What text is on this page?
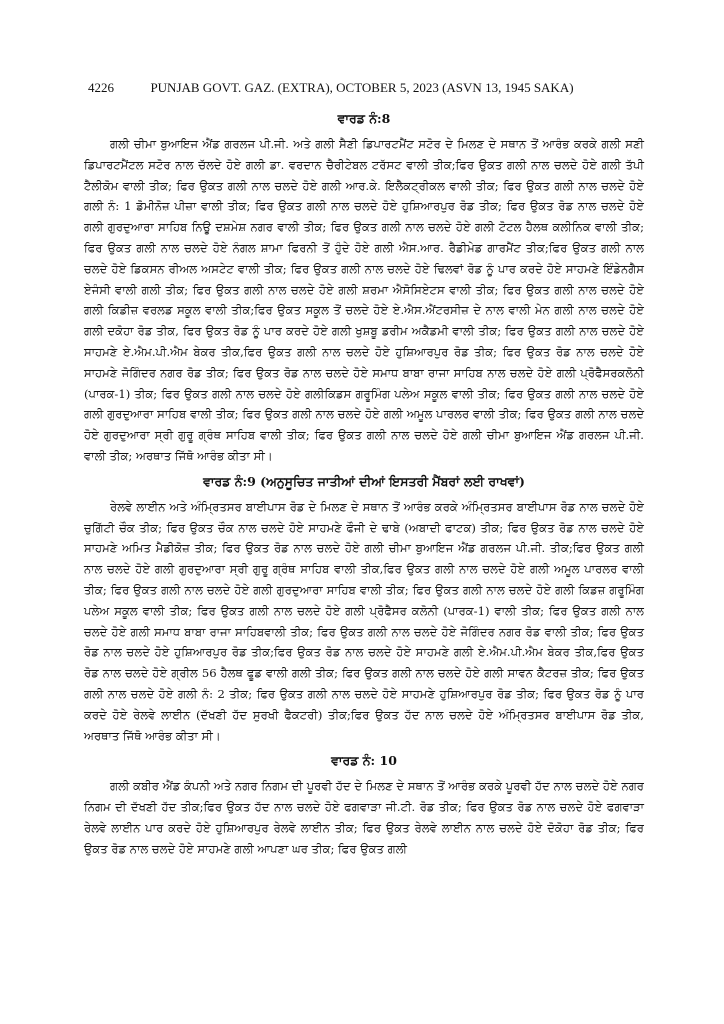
4226	PUNJAB GOVT. GAZ. (EXTRA), OCTOBER 5, 2023 (ASVN 13, 1945 SAKA)
ਵਾਰਡ ਨੰ:8

ਗਲੀ ਚੀਮਾ ਬੁਆਇਜ ਐਂਡ ਗਰਲਜ ਪੀ.ਜੀ. ਅਤੇ ਗਲੀ ਸੈਣੀ ਡਿਪਾਰਟਮੈਂਟ ਸਟੋਰ ਦੇ ਮਿਲਣ ਦੇ ਸਥਾਨ ਤੋਂ ਆਰੰਭ ਕਰਕੇ ਗਲੀ ਸਣੀ ਡਿਪਾਰਟਮੈਂਟਲ ਸਟੋਰ ਨਾਲ ਚੱਲਦੇ ਹੋਏ ਗਲੀ ਡਾ. ਵਰਦਾਨ ਚੈਰੀਟੇਬਲ ਟਰੱਸਟ ਵਾਲੀ ਤੀਕ;ਫਿਰ ਉਕਤ ਗਲੀ ਨਾਲ ਚਲਦੇ ਹੋਏ ਗਲੀ ਤੱਪੀ ਟੈਲੀਕੋਮ ਵਾਲੀ ਤੀਕ; ਫਿਰ ਉਕਤ ਗਲੀ ਨਾਲ ਚਲਦੇ ਹੋਏ ਗਲੀ ਆਰ.ਕੇ. ਇਲੈਕਟ੍ਰੀਕਲ ਵਾਲੀ ਤੀਕ; ਫਿਰ ਉਕਤ ਗਲੀ ਨਾਲ ਚਲਦੇ ਹੋਏ ਗਲੀ ਨੰ: 1 ਡੋਮੀਨੋਜ਼ ਪੀਜ਼ਾ ਵਾਲੀ ਤੀਕ; ਫਿਰ ਉਕਤ ਗਲੀ ਨਾਲ ਚਲਦੇ ਹੋਏ ਹੁਸ਼ਿਆਰਪੁਰ ਰੋਡ ਤੀਕ; ਫਿਰ ਉਕਤ ਰੋਡ ਨਾਲ ਚਲਦੇ ਹੋਏ ਗਲੀ ਗੁਰਦੁਆਰਾ ਸਾਹਿਬ ਨਿਊ ਦਸ਼ਮੇਸ਼ ਨਗਰ ਵਾਲੀ ਤੀਕ; ਫਿਰ ਉਕਤ ਗਲੀ ਨਾਲ ਚਲਦੇ ਹੋਏ ਗਲੀ ਟੋਟਲ ਹੈਲਥ ਕਲੀਨਿਕ ਵਾਲੀ ਤੀਕ; ਫਿਰ ਉਕਤ ਗਲੀ ਨਾਲ ਚਲਦੇ ਹੋਏ ਨੰਗਲ ਸ਼ਾਮਾ ਫਿਰਨੀ ਤੋਂ ਹੁੰਦੇ ਹੋਏ ਗਲੀ ਐਸ.ਆਰ. ਰੈਡੀਮੇਡ ਗਾਰਮੈਂਟ ਤੀਕ;ਫਿਰ ਉਕਤ ਗਲੀ ਨਾਲ ਚਲਦੇ ਹੋਏ ਡਿਕਸਨ ਰੀਅਲ ਅਸਟੇਟ ਵਾਲੀ ਤੀਕ; ਫਿਰ ਉਕਤ ਗਲੀ ਨਾਲ ਚਲਦੇ ਹੋਏ ਢਿਲਵਾਂ ਰੋਡ ਨੂੰ ਪਾਰ ਕਰਦੇ ਹੋਏ ਸਾਹਮਣੇ ਇੰਡੇਨਗੈਸ ਏਜੰਸੀ ਵਾਲੀ ਗਲੀ ਤੀਕ; ਫਿਰ ਉਕਤ ਗਲੀ ਨਾਲ ਚਲਦੇ ਹੋਏ ਗਲੀ ਸ਼ਰਮਾ ਐਸੋਸਿਏਟਸ ਵਾਲੀ ਤੀਕ; ਫਿਰ ਉਕਤ ਗਲੀ ਨਾਲ ਚਲਦੇ ਹੋਏ ਗਲੀ ਕਿਡੀਜ਼ ਵਰਲਡ ਸਕੂਲ ਵਾਲੀ ਤੀਕ;ਫਿਰ ਉਕਤ ਸਕੂਲ ਤੋਂ ਚਲਦੇ ਹੋਏ ਏ.ਐਸ.ਐਂਟਰਸੀਜ਼ ਦੇ ਨਾਲ ਵਾਲੀ ਮੇਨ ਗਲੀ ਨਾਲ ਚਲਦੇ ਹੋਏ ਗਲੀ ਦਕੋਹਾ ਰੋਡ ਤੀਕ, ਫਿਰ ਉਕਤ ਰੋਡ ਨੂੰ ਪਾਰ ਕਰਦੇ ਹੋਏ ਗਲੀ ਖੁਸ਼ਬੂ ਡਰੀਮ ਅਕੈਡਮੀ ਵਾਲੀ ਤੀਕ; ਫਿਰ ਉਕਤ ਗਲੀ ਨਾਲ ਚਲਦੇ ਹੋਏ ਸਾਹਮਣੇ ਏ.ਐਮ.ਪੀ.ਐਮ ਬੇਕਰ ਤੀਕ,ਫਿਰ ਉਕਤ ਗਲੀ ਨਾਲ ਚਲਦੇ ਹੋਏ ਹੁਸ਼ਿਆਰਪੁਰ ਰੋਡ ਤੀਕ; ਫਿਰ ਉਕਤ ਰੋਡ ਨਾਲ ਚਲਦੇ ਹੋਏ ਸਾਹਮਣੇ ਜੋਗਿੰਦਰ ਨਗਰ ਰੋਡ ਤੀਕ; ਫਿਰ ਉਕਤ ਰੋਡ ਨਾਲ ਚਲਦੇ ਹੋਏ ਸਮਾਧ ਬਾਬਾ ਰਾਜਾ ਸਾਹਿਬ ਨਾਲ ਚਲਦੇ ਹੋਏ ਗਲੀ ਪ੍ਰੋਫੈਸਰਕਲੋਨੀ (ਪਾਰਕ-1) ਤੀਕ; ਫਿਰ ਉਕਤ ਗਲੀ ਨਾਲ ਚਲਦੇ ਹੋਏ ਗਲੀਕਿਡਸ ਗਰੂਮਿੰਗ ਪਲੇਅ ਸਕੂਲ ਵਾਲੀ ਤੀਕ; ਫਿਰ ਉਕਤ ਗਲੀ ਨਾਲ ਚਲਦੇ ਹੋਏ ਗਲੀ ਗੁਰਦੁਆਰਾ ਸਾਹਿਬ ਵਾਲੀ ਤੀਕ; ਫਿਰ ਉਕਤ ਗਲੀ ਨਾਲ ਚਲਦੇ ਹੋਏ ਗਲੀ ਅਮੂਲ ਪਾਰਲਰ ਵਾਲੀ ਤੀਕ; ਫਿਰ ਉਕਤ ਗਲੀ ਨਾਲ ਚਲਦੇ ਹੋਏ ਗੁਰਦੁਆਰਾ ਸ੍ਰੀ ਗੁਰੂ ਗ੍ਰੰਥ ਸਾਹਿਬ ਵਾਲੀ ਤੀਕ; ਫਿਰ ਉਕਤ ਗਲੀ ਨਾਲ ਚਲਦੇ ਹੋਏ ਗਲੀ ਚੀਮਾ ਬੁਆਇਜ ਐਂਡ ਗਰਲਜ ਪੀ.ਜੀ. ਵਾਲੀ ਤੀਕ; ਅਰਥਾਤ ਜਿੱਥੋ ਆਰੰਭ ਕੀਤਾ ਸੀ।

ਵਾਰਡ ਨੰ:9 (ਅਨੁਸੂਚਿਤ ਜਾਤੀਆਂ ਦੀਆਂ ਇਸਤਰੀ ਮੈਂਬਰਾਂ ਲਈ ਰਾਖਵਾਂ)

ਰੇਲਵੇ ਲਾਈਨ ਅਤੇ ਅੰਮ੍ਰਿਤਸਰ ਬਾਈਪਾਸ ਰੋਡ ਦੇ ਮਿਲਣ ਦੇ ਸਥਾਨ ਤੋਂ ਆਰੰਭ ਕਰਕੇ ਅੰਮ੍ਰਿਤਸਰ ਬਾਈਪਾਸ ਰੋਡ ਨਾਲ ਚਲਦੇ ਹੋਏ ਚੁਗਿੱਟੀ ਚੌਕ ਤੀਕ; ਫਿਰ ਉਕਤ ਚੌਕ ਨਾਲ ਚਲਦੇ ਹੋਏ ਸਾਹਮਣੇ ਫੌਜੀ ਦੇ ਢਾਬੇ (ਅਬਾਦੀ ਫਾਟਕ) ਤੀਕ; ਫਿਰ ਉਕਤ ਰੋਡ ਨਾਲ ਚਲਦੇ ਹੋਏ ਸਾਹਮਣੇ ਅਮਿਤ ਮੈਡੀਕੋਜ਼ ਤੀਕ; ਫਿਰ ਉਕਤ ਰੋਡ ਨਾਲ ਚਲਦੇ ਹੋਏ ਗਲੀ ਚੀਮਾ ਬੁਆਇਜ ਐਂਡ ਗਰਲਜ ਪੀ.ਜੀ. ਤੀਕ;ਫਿਰ ਉਕਤ ਗਲੀ ਨਾਲ ਚਲਦੇ ਹੋਏ ਗਲੀ ਗੁਰਦੁਆਰਾ ਸ੍ਰੀ ਗੁਰੂ ਗ੍ਰੰਥ ਸਾਹਿਬ ਵਾਲੀ ਤੀਕ,ਫਿਰ ਉਕਤ ਗਲੀ ਨਾਲ ਚਲਦੇ ਹੋਏ ਗਲੀ ਅਮੂਲ ਪਾਰਲਰ ਵਾਲੀ ਤੀਕ; ਫਿਰ ਉਕਤ ਗਲੀ ਨਾਲ ਚਲਦੇ ਹੋਏ ਗਲੀ ਗੁਰਦੁਆਰਾ ਸਾਹਿਬ ਵਾਲੀ ਤੀਕ; ਫਿਰ ਉਕਤ ਗਲੀ ਨਾਲ ਚਲਦੇ ਹੋਏ ਗਲੀ ਕਿਡਜ਼ ਗਰੂਮਿੰਗ ਪਲੇਅ ਸਕੂਲ ਵਾਲੀ ਤੀਕ; ਫਿਰ ਉਕਤ ਗਲੀ ਨਾਲ ਚਲਦੇ ਹੋਏ ਗਲੀ ਪ੍ਰੋਫੈਸਰ ਕਲੋਨੀ (ਪਾਰਕ-1) ਵਾਲੀ ਤੀਕ; ਫਿਰ ਉਕਤ ਗਲੀ ਨਾਲ ਚਲਦੇ ਹੋਏ ਗਲੀ ਸਮਾਧ ਬਾਬਾ ਰਾਜਾ ਸਾਹਿਬਵਾਲੀ ਤੀਕ; ਫਿਰ ਉਕਤ ਗਲੀ ਨਾਲ ਚਲਦੇ ਹੋਏ ਜੋਗਿੰਦਰ ਨਗਰ ਰੋਡ ਵਾਲੀ ਤੀਕ; ਫਿਰ ਉਕਤ ਰੋਡ ਨਾਲ ਚਲਦੇ ਹੋਏ ਹੁਸ਼ਿਆਰਪੁਰ ਰੋਡ ਤੀਕ;ਫਿਰ ਉਕਤ ਰੋਡ ਨਾਲ ਚਲਦੇ ਹੋਏ ਸਾਹਮਣੇ ਗਲੀ ਏ.ਐਮ.ਪੀ.ਐਮ ਬੇਕਰ ਤੀਕ,ਫਿਰ ਉਕਤ ਰੋਡ ਨਾਲ ਚਲਦੇ ਹੋਏ ਗ੍ਰੀਲ 56 ਹੈਲਥ ਫੂਡ ਵਾਲੀ ਗਲੀ ਤੀਕ; ਫਿਰ ਉਕਤ ਗਲੀ ਨਾਲ ਚਲਦੇ ਹੋਏ ਗਲੀ ਸਾਵਨ ਕੈਟਰਜ਼ ਤੀਕ; ਫਿਰ ਉਕਤ ਗਲੀ ਨਾਲ ਚਲਦੇ ਹੋਏ ਗਲੀ ਨੰ: 2 ਤੀਕ; ਫਿਰ ਉਕਤ ਗਲੀ ਨਾਲ ਚਲਦੇ ਹੋਏ ਸਾਹਮਣੇ ਹੁਸ਼ਿਆਰਪੁਰ ਰੋਡ ਤੀਕ; ਫਿਰ ਉਕਤ ਰੋਡ ਨੂੰ ਪਾਰ ਕਰਦੇ ਹੋਏ ਰੇਲਵੇ ਲਾਈਨ (ਦੱਖਣੀ ਹੱਦ ਸੁਰਖੀ ਫੈਕਟਰੀ) ਤੀਕ;ਫਿਰ ਉਕਤ ਹੱਦ ਨਾਲ ਚਲਦੇ ਹੋਏ ਅੰਮ੍ਰਿਤਸਰ ਬਾਈਪਾਸ ਰੋਡ ਤੀਕ, ਅਰਥਾਤ ਜਿੱਥੋ ਆਰੰਭ ਕੀਤਾ ਸੀ।

ਵਾਰਡ ਨੰ: 10

ਗਲੀ ਕਬੀਰ ਐਂਡ ਕੰਪਨੀ ਅਤੇ ਨਗਰ ਨਿਗਮ ਦੀ ਪੂਰਵੀ ਹੱਦ ਦੇ ਮਿਲਣ ਦੇ ਸਥਾਨ ਤੋਂ ਆਰੰਭ ਕਰਕੇ ਪੂਰਵੀ ਹੱਦ ਨਾਲ ਚਲਦੇ ਹੋਏ ਨਗਰ ਨਿਗਮ ਦੀ ਦੱਖਣੀ ਹੱਦ ਤੀਕ;ਫਿਰ ਉਕਤ ਹੱਦ ਨਾਲ ਚਲਦੇ ਹੋਏ ਫਗਵਾੜਾ ਜੀ.ਟੀ. ਰੋਡ ਤੀਕ; ਫਿਰ ਉਕਤ ਰੋਡ ਨਾਲ ਚਲਦੇ ਹੋਏ ਫਗਵਾੜਾ ਰੇਲਵੇ ਲਾਈਨ ਪਾਰ ਕਰਦੇ ਹੋਏ ਹੁਸ਼ਿਆਰਪੁਰ ਰੇਲਵੇ ਲਾਈਨ ਤੀਕ; ਫਿਰ ਉਕਤ ਰੇਲਵੇ ਲਾਈਨ ਨਾਲ ਚਲਦੇ ਹੋਏ ਦੋਕੋਹਾ ਰੋਡ ਤੀਕ; ਫਿਰ ਉਕਤ ਰੋਡ ਨਾਲ ਚਲਦੇ ਹੋਏ ਸਾਹਮਣੇ ਗਲੀ ਆਪਣਾ ਘਰ ਤੀਕ; ਫਿਰ ਉਕਤ ਗਲੀ
